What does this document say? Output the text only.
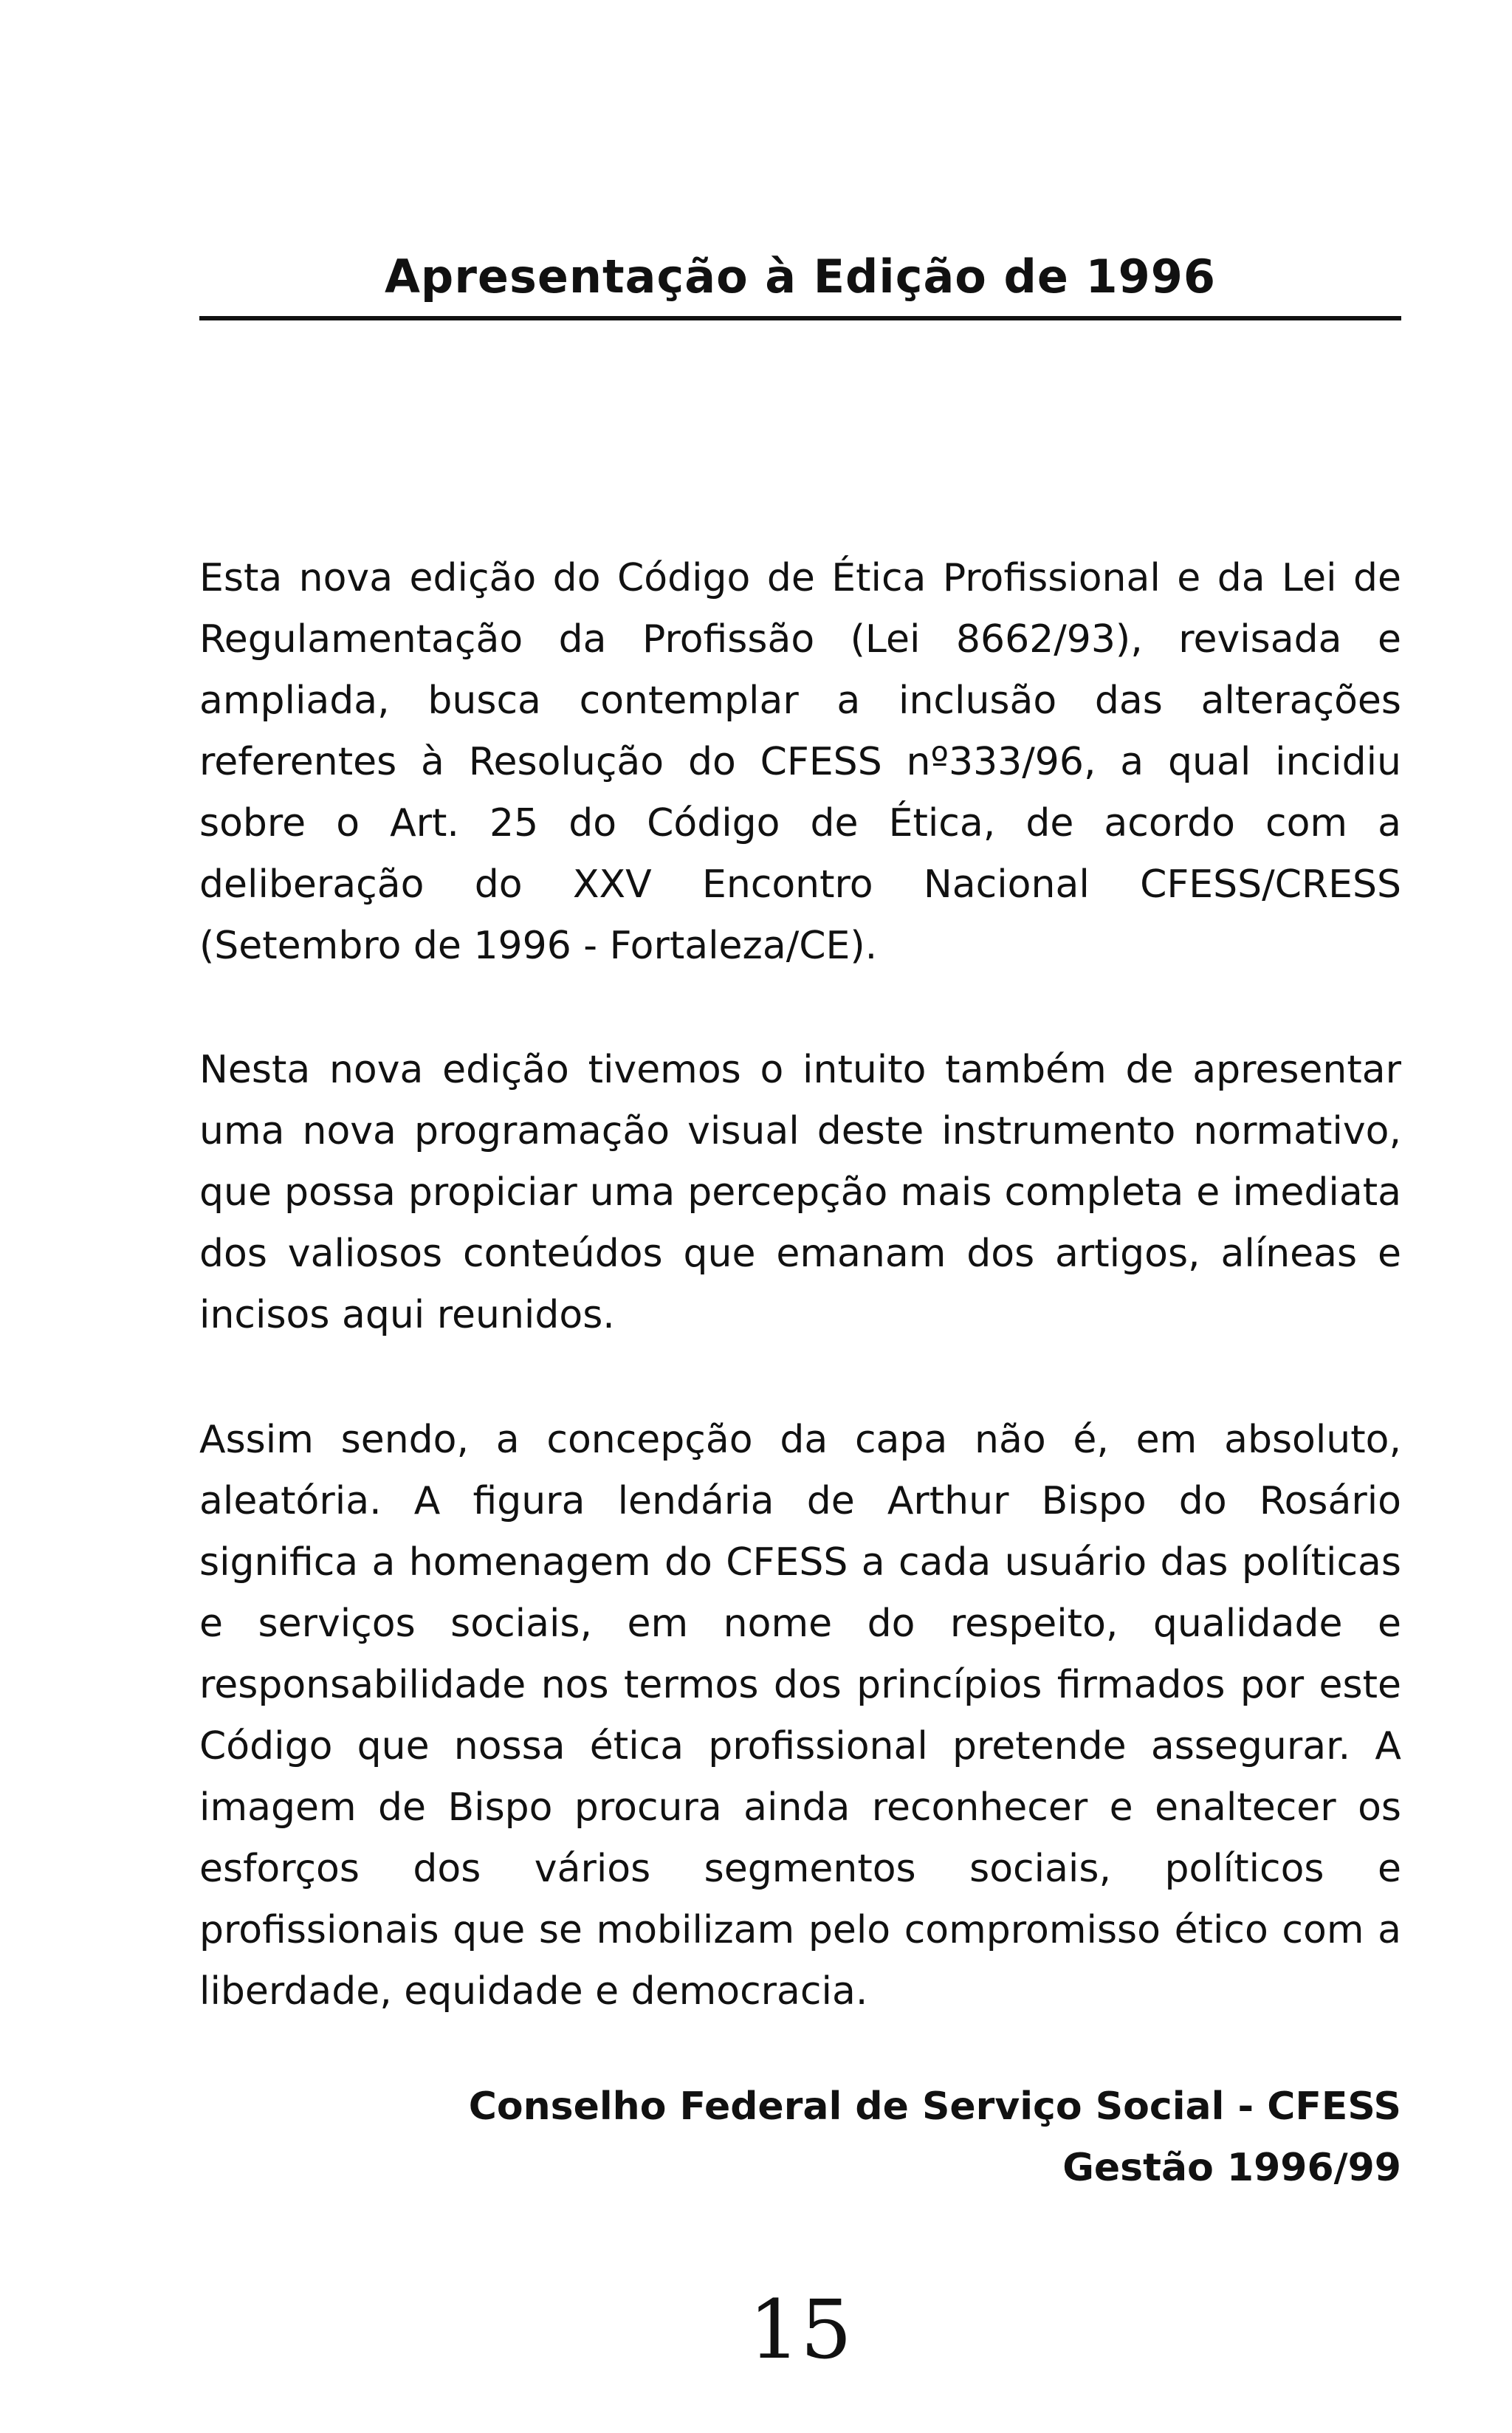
Apresentação à Edição de 1996

Esta nova edição do Código de Ética Profissional e da Lei de Regulamentação da Profissão (Lei 8662/93), revisada e ampliada, busca contemplar a inclusão das alterações referentes à Resolução do CFESS nº333/96, a qual incidiu sobre o Art. 25 do Código de Ética, de acordo com a deliberação do XXV Encontro Nacional CFESS/CRESS (Setembro de 1996 - Fortaleza/CE).

Nesta nova edição tivemos o intuito também de apresentar uma nova programação visual deste instrumento normativo, que possa propiciar uma percepção mais completa e imediata dos valiosos conteúdos que emanam dos artigos, alíneas e incisos aqui reunidos.

Assim sendo, a concepção da capa não é, em absoluto, aleatória. A figura lendária de Arthur Bispo do Rosário significa a homenagem do CFESS a cada usuário das políticas e serviços sociais, em nome do respeito, qualidade e responsabilidade nos termos dos princípios firmados por este Código que nossa ética profissional pretende assegurar. A imagem de Bispo procura ainda reconhecer e enaltecer os esforços dos vários segmentos sociais, políticos e profissionais que se mobilizam pelo compromisso ético com a liberdade, equidade e democracia.

Conselho Federal de Serviço Social - CFESS
Gestão 1996/99
15
